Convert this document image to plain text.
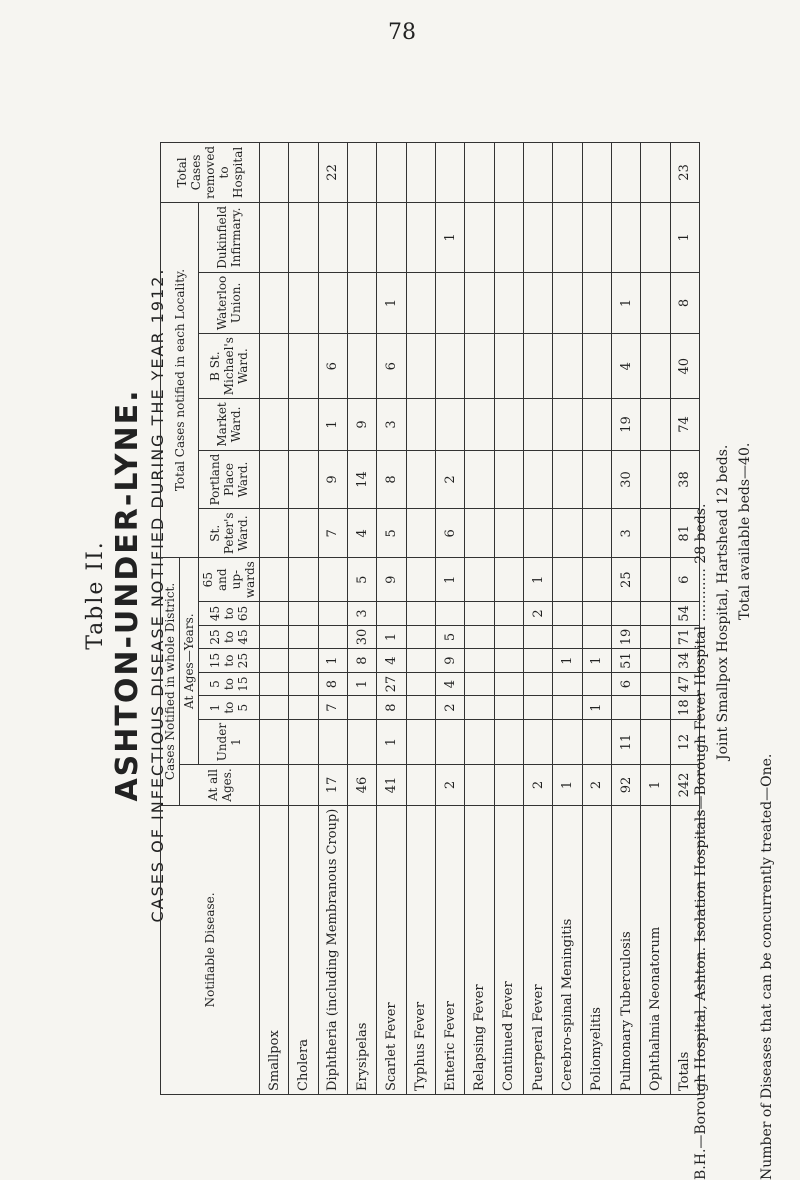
78
Table II. ASHTON-UNDER-LYNE. CASES OF INFECTIOUS DISEASE NOTIFIED DURING THE YEAR 1912.
Notifiable Disease.	Cases Notified in whole District.								Total Cases notified in each Locality.						Total Cases removed to Hospital
	At all Ages.	At Ages—Years.													
		Under 1	1 to 5	5 to 15	15 to 25	25 to 45	45 to 65	65 and up-wards	St. Peter's Ward.	Portland Place Ward.	Market Ward.	B St. Michael's Ward.	Waterloo Union.	Dukinfield Infirmary.	
Smallpox															
Cholera															
Diphtheria (including Membranous Croup)	17		7	8	1				7	9	1	6			22
Erysipelas	46			1	8	30	3	5	4	14	9				
Scarlet Fever	41	1	8	27	4	1		9	5	8	3	6	1		
Typhus Fever															
Enteric Fever	2		2	4	9	5		1	6	2				1	
Relapsing Fever															
Continued Fever															
Puerperal Fever	2						2	1							
Cerebro-spinal Meningitis	1				1										
Poliomyelitis	2		1		1										
Pulmonary Tuberculosis	92	11		6	51	19		25	3	30	19	4	1		
Ophthalmia Neonatorum	1														
Totals	242	12	18	47	34	71	54	6	81	38	74	40	8	1	23
B.H.—Borough Hospital, Ashton. Isolation Hospitals—Borough Fever Hospital ............ 28 beds. Joint Smallpox Hospital, Hartshead 12 beds. Total available beds—40.
Number of Diseases that can be concurrently treated—One.
